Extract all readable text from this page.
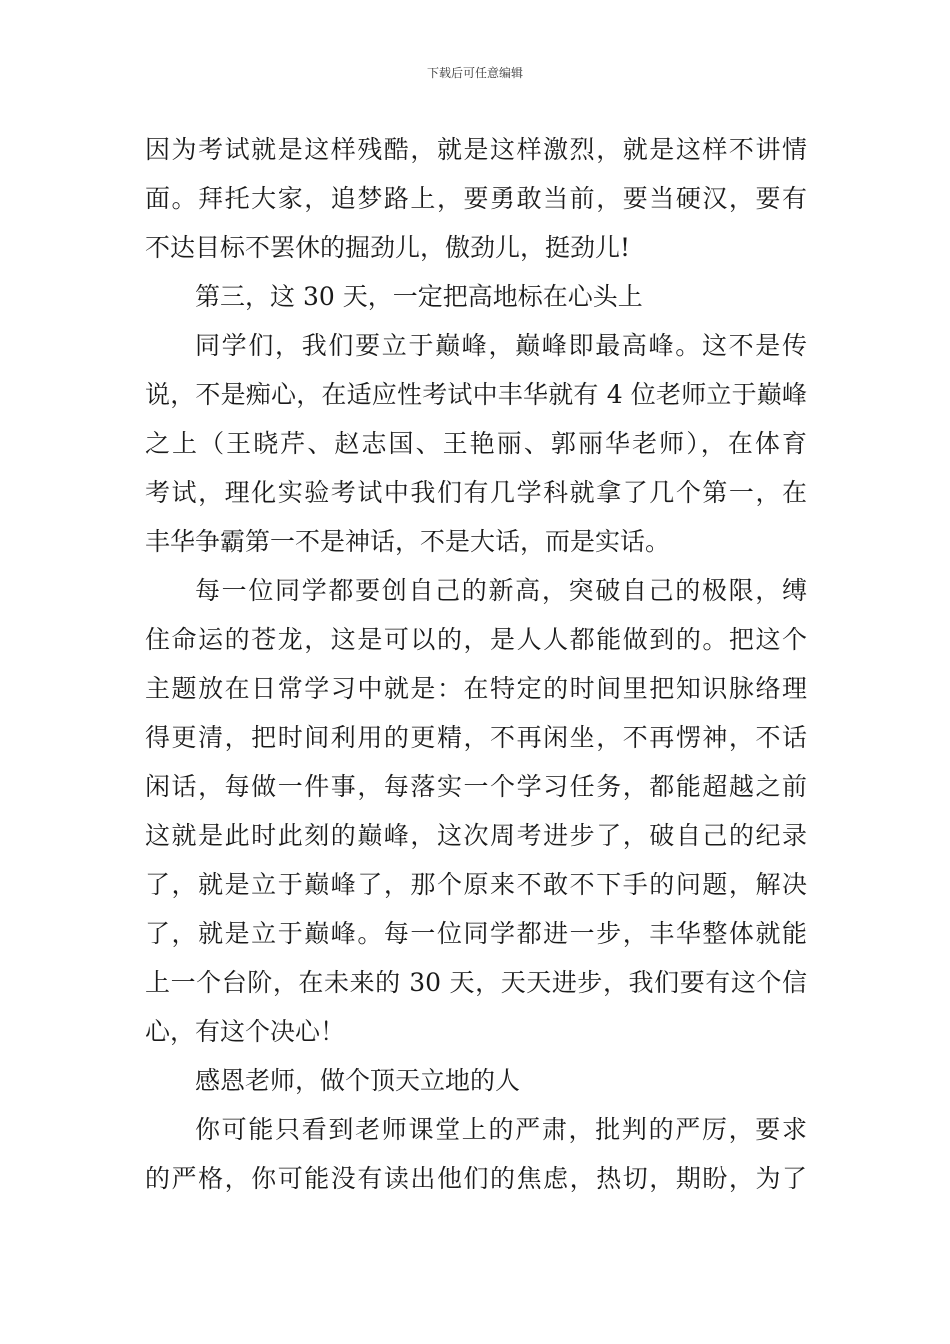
下载后可任意编辑
因为考试就是这样残酷，就是这样激烈，就是这样不讲情
面。拜托大家，追梦路上，要勇敢当前，要当硬汉，要有
不达目标不罢休的掘劲儿，傲劲儿，挺劲儿!
第三，这 30 天，一定把高地标在心头上
同学们，我们要立于巅峰，巅峰即最高峰。这不是传
说，不是痴心，在适应性考试中丰华就有 4 位老师立于巅峰
之上（王晓芹、赵志国、王艳丽、郭丽华老师），在体育
考试，理化实验考试中我们有几学科就拿了几个第一，在
丰华争霸第一不是神话，不是大话，而是实话。
每一位同学都要创自己的新高，突破自己的极限，缚
住命运的苍龙，这是可以的，是人人都能做到的。把这个
主题放在日常学习中就是：在特定的时间里把知识脉络理
得更清，把时间利用的更精，不再闲坐，不再愣神，不话
闲话，每做一件事，每落实一个学习任务，都能超越之前
这就是此时此刻的巅峰，这次周考进步了，破自己的纪录
了，就是立于巅峰了，那个原来不敢不下手的问题，解决
了，就是立于巅峰。每一位同学都进一步，丰华整体就能
上一个台阶，在未来的 30 天，天天进步，我们要有这个信
心，有这个决心！
感恩老师，做个顶天立地的人
你可能只看到老师课堂上的严肃，批判的严厉，要求
的严格，你可能没有读出他们的焦虑，热切，期盼，为了
